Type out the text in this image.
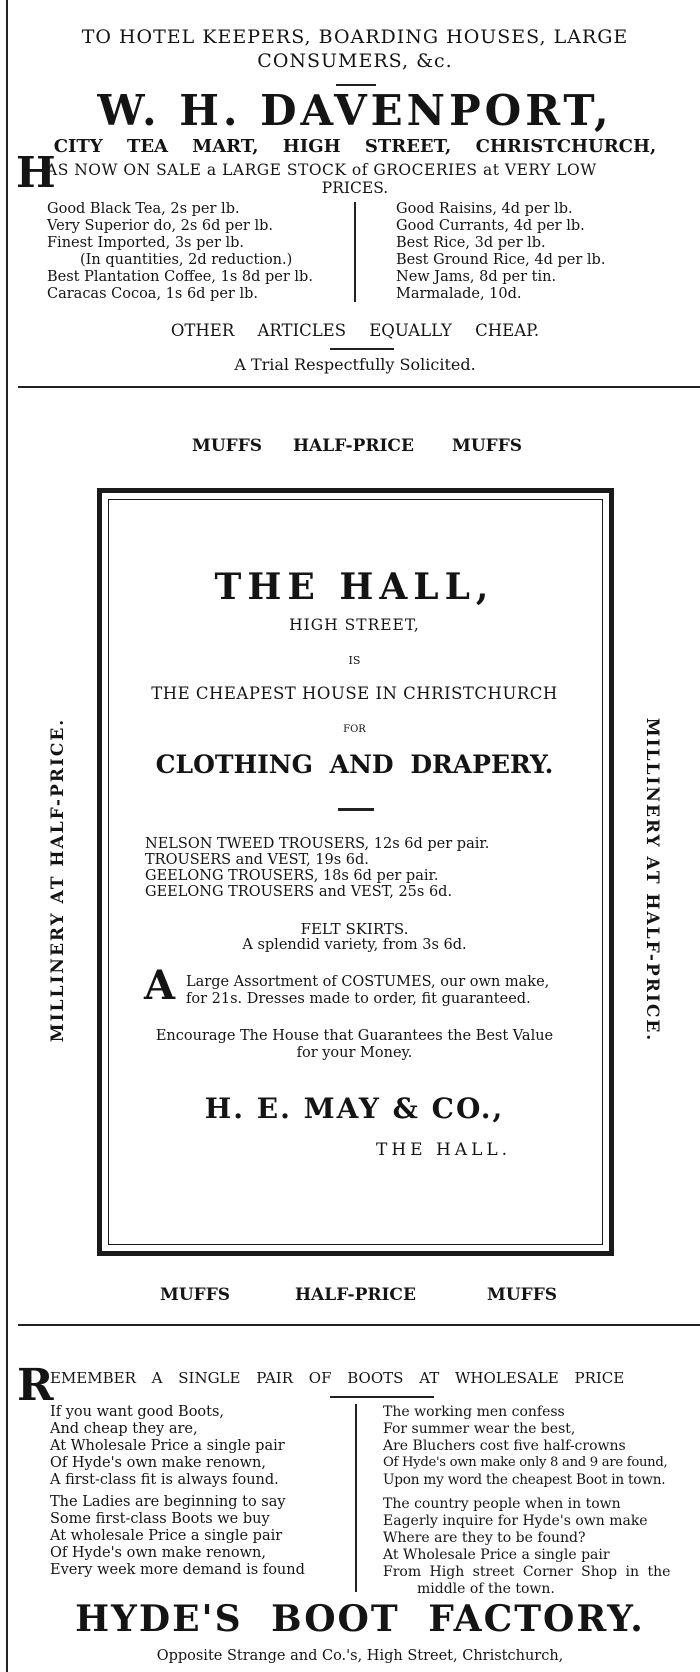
TO HOTEL KEEPERS, BOARDING HOUSES, LARGE
CONSUMERS, &c.
W. H. DAVENPORT,
CITY TEA MART, HIGH STREET, CHRISTCHURCH,
H
AS NOW ON SALE a LARGE STOCK of GROCERIES at VERY LOW
PRICES.
Good Black Tea, 2s per lb.
Very Superior do, 2s 6d per lb.
Finest Imported, 3s per lb.
(In quantities, 2d reduction.)
Best Plantation Coffee, 1s 8d per lb.
Caracas Cocoa, 1s 6d per lb.
Good Raisins, 4d per lb.
Good Currants, 4d per lb.
Best Rice, 3d per lb.
Best Ground Rice, 4d per lb.
New Jams, 8d per tin.
Marmalade, 10d.
OTHER ARTICLES EQUALLY CHEAP.
A Trial Respectfully Solicited.
MUFFS HALF-PRICE MUFFS
MILLINERY AT HALF-PRICE.	MILLINERY AT HALF-PRICE.
THE HALL,
HIGH STREET,
IS
THE CHEAPEST HOUSE IN CHRISTCHURCH
FOR
CLOTHING AND DRAPERY.
NELSON TWEED TROUSERS, 12s 6d per pair.
TROUSERS and VEST, 19s 6d.
GEELONG TROUSERS, 18s 6d per pair.
GEELONG TROUSERS and VEST, 25s 6d.
FELT SKIRTS.
A splendid variety, from 3s 6d.
A Large Assortment of COSTUMES, our own make,
for 21s. Dresses made to order, fit guaranteed.
Encourage The House that Guarantees the Best Value
for your Money.
H. E. MAY & CO.,
THE HALL.
MUFFS	HALF-PRICE	MUFFS
R
EMEMBER A SINGLE PAIR OF BOOTS AT WHOLESALE PRICE
If you want good Boots,
And cheap they are,
At Wholesale Price a single pair
Of Hyde's own make renown,
A first-class fit is always found.
The Ladies are beginning to say
Some first-class Boots we buy
At wholesale Price a single pair
Of Hyde's own make renown,
Every week more demand is found
The working men confess
For summer wear the best,
Are Bluchers cost five half-crowns
Of Hyde's own make only 8 and 9 are found,
Upon my word the cheapest Boot in town.
The country people when in town
Eagerly inquire for Hyde's own make
Where are they to be found?
At Wholesale Price a single pair
From High street Corner Shop in the
middle of the town.
HYDE'S BOOT FACTORY.
Opposite Strange and Co.'s, High Street, Christchurch,
